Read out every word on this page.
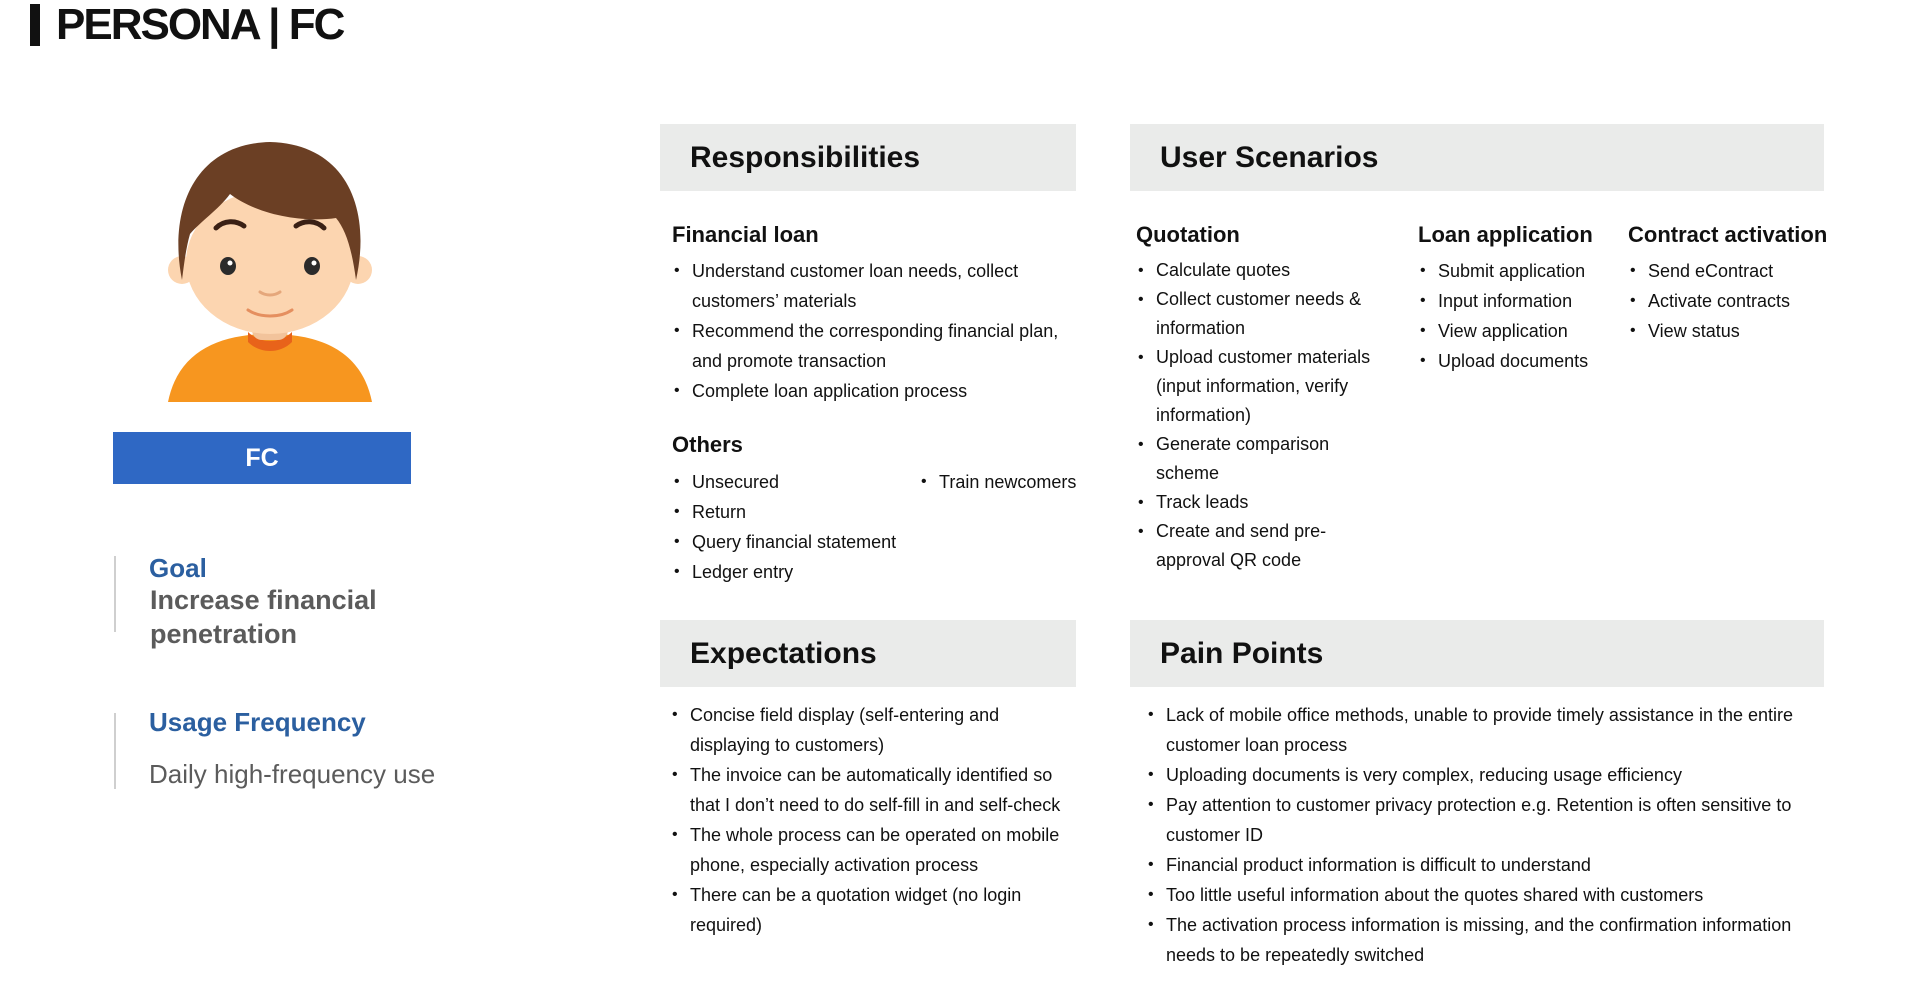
PERSONA | FC
FC
Goal
Increase financial penetration
Usage Frequency
Daily high-frequency use
Responsibilities
Financial loan
• Understand customer loan needs, collect customers’ materials
• Recommend the corresponding financial plan, and promote transaction
• Complete loan application process
Others
• Unsecured
• Return
• Query financial statement
• Ledger entry
• Train newcomers
User Scenarios
Quotation
• Calculate quotes
• Collect customer needs & information
• Upload customer materials (input information, verify information)
• Generate comparison scheme
• Track leads
• Create and send pre-approval QR code
Loan application
• Submit application
• Input information
• View application
• Upload documents
Contract activation
• Send eContract
• Activate contracts
• View status
Expectations
• Concise field display (self-entering and displaying to customers)
• The invoice can be automatically identified so that I don’t need to do self-fill in and self-check
• The whole process can be operated on mobile phone, especially activation process
• There can be a quotation widget (no login required)
Pain Points
• Lack of mobile office methods, unable to provide timely assistance in the entire customer loan process
• Uploading documents is very complex, reducing usage efficiency
• Pay attention to customer privacy protection e.g. Retention is often sensitive to customer ID
• Financial product information is difficult to understand
• Too little useful information about the quotes shared with customers
• The activation process information is missing, and the confirmation information needs to be repeatedly switched
